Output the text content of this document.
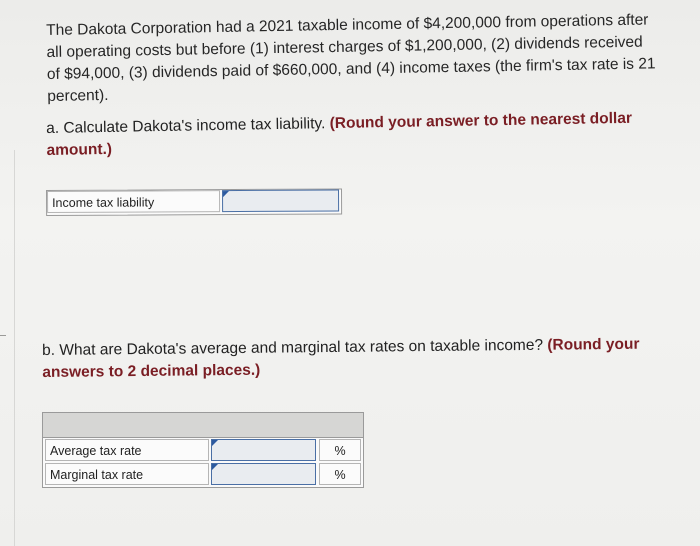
The Dakota Corporation had a 2021 taxable income of $4,200,000 from operations after all operating costs but before (1) interest charges of $1,200,000, (2) dividends received of $94,000, (3) dividends paid of $660,000, and (4) income taxes (the firm's tax rate is 21 percent).
a. Calculate Dakota's income tax liability. (Round your answer to the nearest dollar amount.)
Income tax liability
b. What are Dakota's average and marginal tax rates on taxable income? (Round your answers to 2 decimal places.)
Average tax rate	%
Marginal tax rate	%
